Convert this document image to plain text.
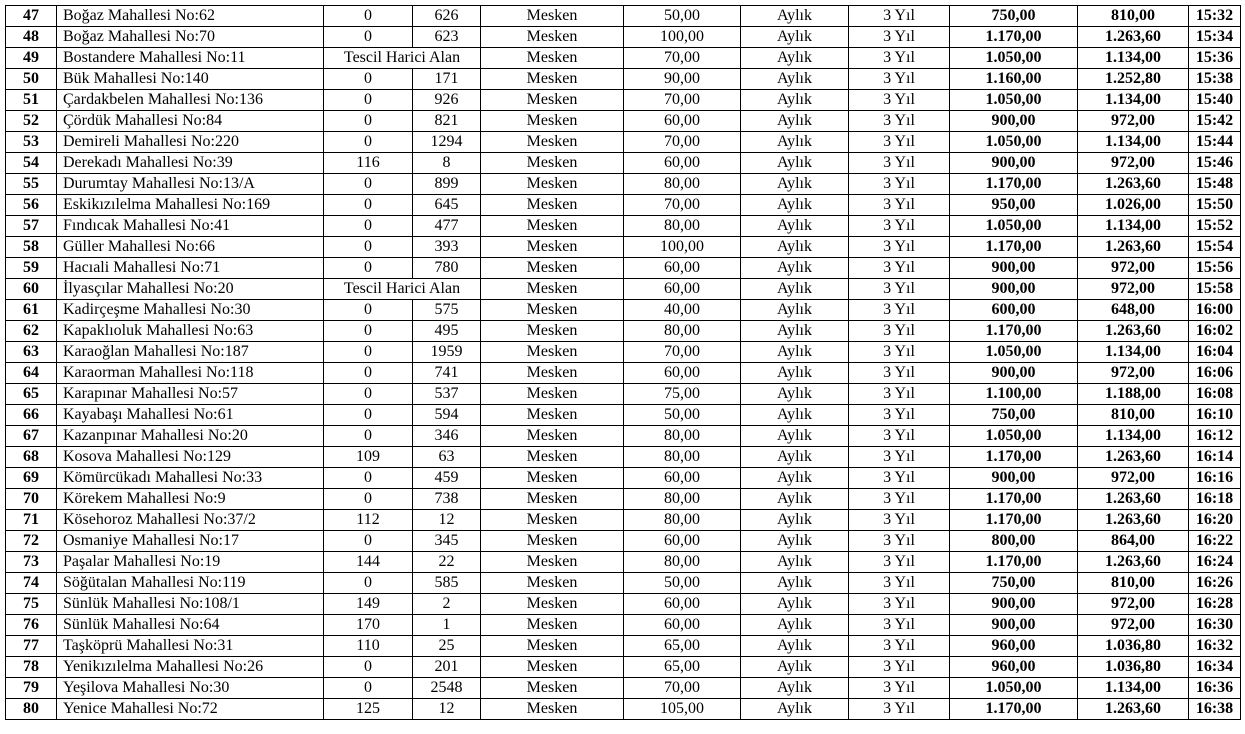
47	Boğaz Mahallesi No:62	0	626	Mesken	50,00	Aylık	3 Yıl	750,00	810,00	15:32
48	Boğaz Mahallesi No:70	0	623	Mesken	100,00	Aylık	3 Yıl	1.170,00	1.263,60	15:34
49	Bostandere Mahallesi No:11	Tescil Harici Alan		Mesken	70,00	Aylık	3 Yıl	1.050,00	1.134,00	15:36
50	Bük Mahallesi No:140	0	171	Mesken	90,00	Aylık	3 Yıl	1.160,00	1.252,80	15:38
51	Çardakbelen Mahallesi No:136	0	926	Mesken	70,00	Aylık	3 Yıl	1.050,00	1.134,00	15:40
52	Çördük Mahallesi No:84	0	821	Mesken	60,00	Aylık	3 Yıl	900,00	972,00	15:42
53	Demireli Mahallesi No:220	0	1294	Mesken	70,00	Aylık	3 Yıl	1.050,00	1.134,00	15:44
54	Derekadı Mahallesi No:39	116	8	Mesken	60,00	Aylık	3 Yıl	900,00	972,00	15:46
55	Durumtay Mahallesi No:13/A	0	899	Mesken	80,00	Aylık	3 Yıl	1.170,00	1.263,60	15:48
56	Eskikızılelma Mahallesi No:169	0	645	Mesken	70,00	Aylık	3 Yıl	950,00	1.026,00	15:50
57	Fındıcak Mahallesi No:41	0	477	Mesken	80,00	Aylık	3 Yıl	1.050,00	1.134,00	15:52
58	Güller Mahallesi No:66	0	393	Mesken	100,00	Aylık	3 Yıl	1.170,00	1.263,60	15:54
59	Hacıali Mahallesi No:71	0	780	Mesken	60,00	Aylık	3 Yıl	900,00	972,00	15:56
60	İlyasçılar Mahallesi No:20	Tescil Harici Alan		Mesken	60,00	Aylık	3 Yıl	900,00	972,00	15:58
61	Kadirçeşme Mahallesi No:30	0	575	Mesken	40,00	Aylık	3 Yıl	600,00	648,00	16:00
62	Kapaklıoluk Mahallesi No:63	0	495	Mesken	80,00	Aylık	3 Yıl	1.170,00	1.263,60	16:02
63	Karaoğlan Mahallesi No:187	0	1959	Mesken	70,00	Aylık	3 Yıl	1.050,00	1.134,00	16:04
64	Karaorman Mahallesi No:118	0	741	Mesken	60,00	Aylık	3 Yıl	900,00	972,00	16:06
65	Karapınar Mahallesi No:57	0	537	Mesken	75,00	Aylık	3 Yıl	1.100,00	1.188,00	16:08
66	Kayabaşı Mahallesi No:61	0	594	Mesken	50,00	Aylık	3 Yıl	750,00	810,00	16:10
67	Kazanpınar Mahallesi No:20	0	346	Mesken	80,00	Aylık	3 Yıl	1.050,00	1.134,00	16:12
68	Kosova Mahallesi No:129	109	63	Mesken	80,00	Aylık	3 Yıl	1.170,00	1.263,60	16:14
69	Kömürcükadı Mahallesi No:33	0	459	Mesken	60,00	Aylık	3 Yıl	900,00	972,00	16:16
70	Körekem Mahallesi No:9	0	738	Mesken	80,00	Aylık	3 Yıl	1.170,00	1.263,60	16:18
71	Kösehoroz Mahallesi No:37/2	112	12	Mesken	80,00	Aylık	3 Yıl	1.170,00	1.263,60	16:20
72	Osmaniye Mahallesi No:17	0	345	Mesken	60,00	Aylık	3 Yıl	800,00	864,00	16:22
73	Paşalar Mahallesi No:19	144	22	Mesken	80,00	Aylık	3 Yıl	1.170,00	1.263,60	16:24
74	Söğütalan Mahallesi No:119	0	585	Mesken	50,00	Aylık	3 Yıl	750,00	810,00	16:26
75	Sünlük Mahallesi No:108/1	149	2	Mesken	60,00	Aylık	3 Yıl	900,00	972,00	16:28
76	Sünlük Mahallesi No:64	170	1	Mesken	60,00	Aylık	3 Yıl	900,00	972,00	16:30
77	Taşköprü Mahallesi No:31	110	25	Mesken	65,00	Aylık	3 Yıl	960,00	1.036,80	16:32
78	Yenikızılelma Mahallesi No:26	0	201	Mesken	65,00	Aylık	3 Yıl	960,00	1.036,80	16:34
79	Yeşilova Mahallesi No:30	0	2548	Mesken	70,00	Aylık	3 Yıl	1.050,00	1.134,00	16:36
80	Yenice Mahallesi No:72	125	12	Mesken	105,00	Aylık	3 Yıl	1.170,00	1.263,60	16:38
